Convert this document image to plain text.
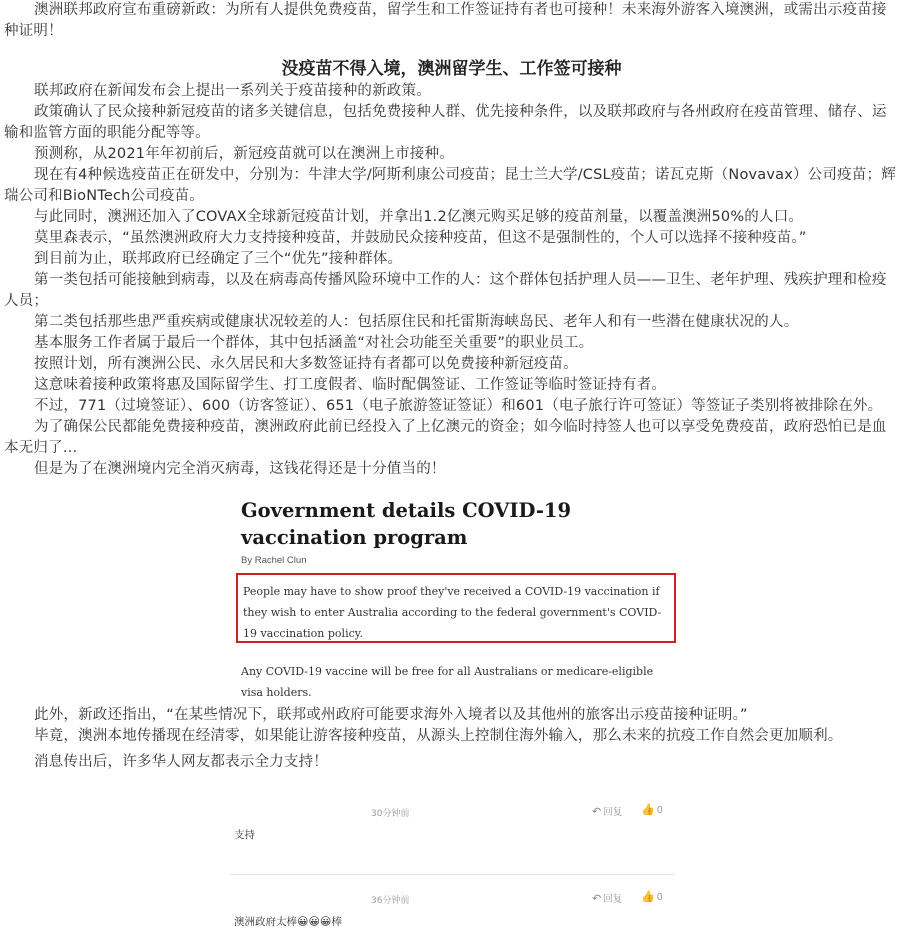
澳洲联邦政府宣布重磅新政：为所有人提供免费疫苗，留学生和工作签证持有者也可接种！未来海外游客入境澳洲，或需出示疫苗接种证明！

没疫苗不得入境，澳洲留学生、工作签可接种

联邦政府在新闻发布会上提出一系列关于疫苗接种的新政策。

政策确认了民众接种新冠疫苗的诸多关键信息，包括免费接种人群、优先接种条件，以及联邦政府与各州政府在疫苗管理、储存、运输和监管方面的职能分配等等。

预测称，从2021年年初前后，新冠疫苗就可以在澳洲上市接种。

现在有4种候选疫苗正在研发中，分别为：牛津大学/阿斯利康公司疫苗；昆士兰大学/CSL疫苗；诺瓦克斯（Novavax）公司疫苗；辉瑞公司和BioNTech公司疫苗。

与此同时，澳洲还加入了COVAX全球新冠疫苗计划，并拿出1.2亿澳元购买足够的疫苗剂量，以覆盖澳洲50%的人口。

莫里森表示，“虽然澳洲政府大力支持接种疫苗，并鼓励民众接种疫苗，但这不是强制性的，个人可以选择不接种疫苗。”

到目前为止，联邦政府已经确定了三个“优先”接种群体。

第一类包括可能接触到病毒，以及在病毒高传播风险环境中工作的人：这个群体包括护理人员——卫生、老年护理、残疾护理和检疫人员；

第二类包括那些患严重疾病或健康状况较差的人：包括原住民和托雷斯海峡岛民、老年人和有一些潜在健康状况的人。

基本服务工作者属于最后一个群体，其中包括涵盖“对社会功能至关重要”的职业员工。

按照计划，所有澳洲公民、永久居民和大多数签证持有者都可以免费接种新冠疫苗。

这意味着接种政策将惠及国际留学生、打工度假者、临时配偶签证、工作签证等临时签证持有者。

不过，771（过境签证）、600（访客签证）、651（电子旅游签证签证）和601（电子旅行许可签证）等签证子类别将被排除在外。

为了确保公民都能免费接种疫苗，澳洲政府此前已经投入了上亿澳元的资金；如今临时持签人也可以享受免费疫苗，政府恐怕已是血本无归了…

但是为了在澳洲境内完全消灭病毒，这钱花得还是十分值当的！

Government details COVID-19 vaccination program
By Rachel Clun

People may have to show proof they've received a COVID-19 vaccination if they wish to enter Australia according to the federal government's COVID-19 vaccination policy.

Any COVID-19 vaccine will be free for all Australians or medicare-eligible visa holders.

此外，新政还指出，“在某些情况下，联邦或州政府可能要求海外入境者以及其他州的旅客出示疫苗接种证明。”

毕竟，澳洲本地传播现在经清零，如果能让游客接种疫苗，从源头上控制住海外输入，那么未来的抗疫工作自然会更加顺利。

消息传出后，许多华人网友都表示全力支持！

30分钟前	↶ 回复 👍 0
支持
36分钟前	↶ 回复 👍 0
澳洲政府太棒😀😀😀棒
